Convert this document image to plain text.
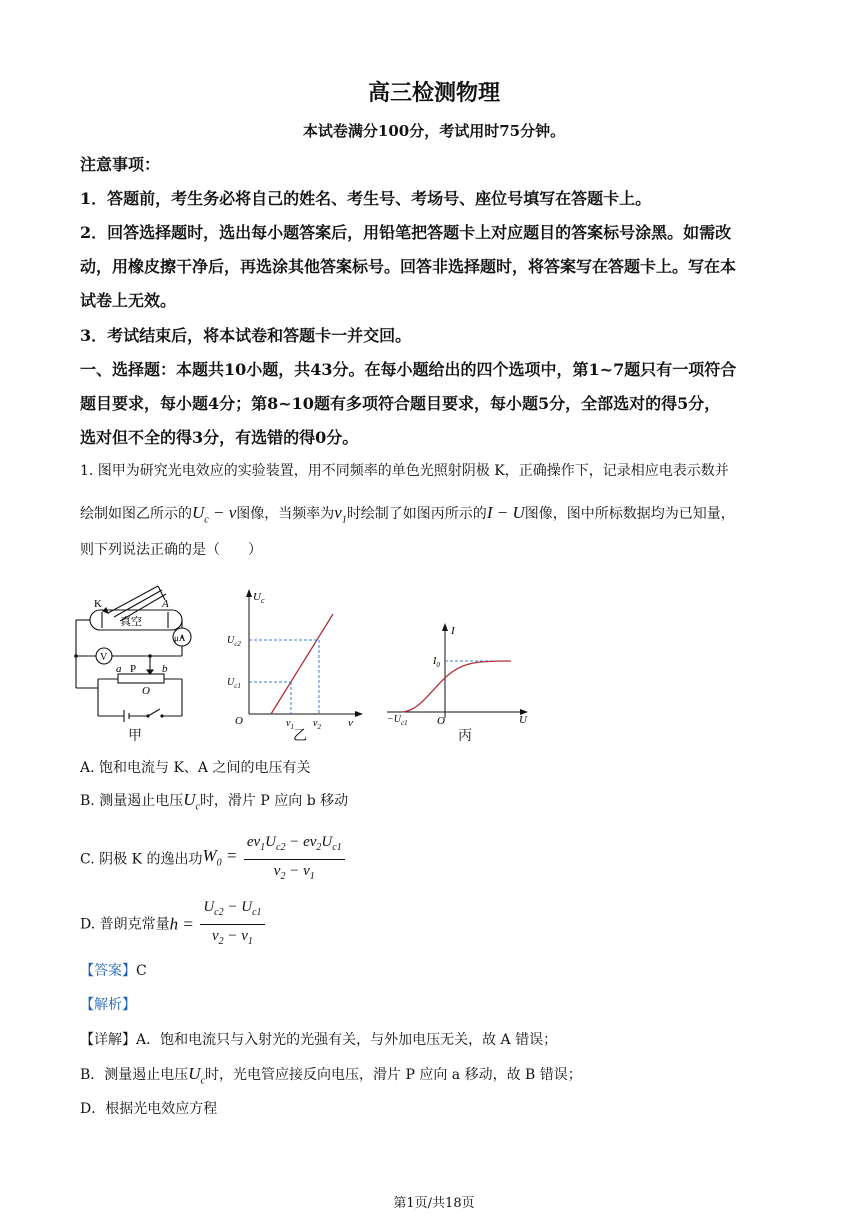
高三检测物理
本试卷满分100分，考试用时75分钟。
注意事项：
1．答题前，考生务必将自己的姓名、考生号、考场号、座位号填写在答题卡上。
2．回答选择题时，选出每小题答案后，用铅笔把答题卡上对应题目的答案标号涂黑。如需改
动，用橡皮擦干净后，再选涂其他答案标号。回答非选择题时，将答案写在答题卡上。写在本
试卷上无效。
3．考试结束后，将本试卷和答题卡一并交回。
一、选择题：本题共10小题，共43分。在每小题给出的四个选项中，第1~7题只有一项符合
题目要求，每小题4分；第8~10题有多项符合题目要求，每小题5分，全部选对的得5分，
选对但不全的得3分，有选错的得0分。
1. 图甲为研究光电效应的实验装置，用不同频率的单色光照射阴极 K，正确操作下，记录相应电表示数并
绘制如图乙所示的$U_c - \nu$图像，当频率为$\nu_1$时绘制了如图丙所示的I − U图像，图中所标数据均为已知量，
则下列说法正确的是（　　）
K	A
真空
μA
V
a P b
O
甲
$U_c$
ν
O
$U_{c2}$
$U_{c1}$
$\nu_1$ $\nu_2$
乙
I
U
O
$I_0$
$-U_{c1}$
丙
A. 饱和电流与 K、A 之间的电压有关
B. 测量遏止电压$U_c$时，滑片 P 应向 b 移动
C. 阴极 K 的逸出功$W_0 = \frac{e\nu_1U_{c2} - e\nu_2U_{c1}}{\nu_2 - \nu_1}$
D. 普朗克常量$h = \frac{U_{c2} - U_{c1}}{\nu_2 - \nu_1}$
【答案】C
【解析】
【详解】A．饱和电流只与入射光的光强有关，与外加电压无关，故 A 错误；
B．测量遏止电压$U_c$时，光电管应接反向电压，滑片 P 应向 a 移动，故 B 错误；
D．根据光电效应方程
第1页/共18页
